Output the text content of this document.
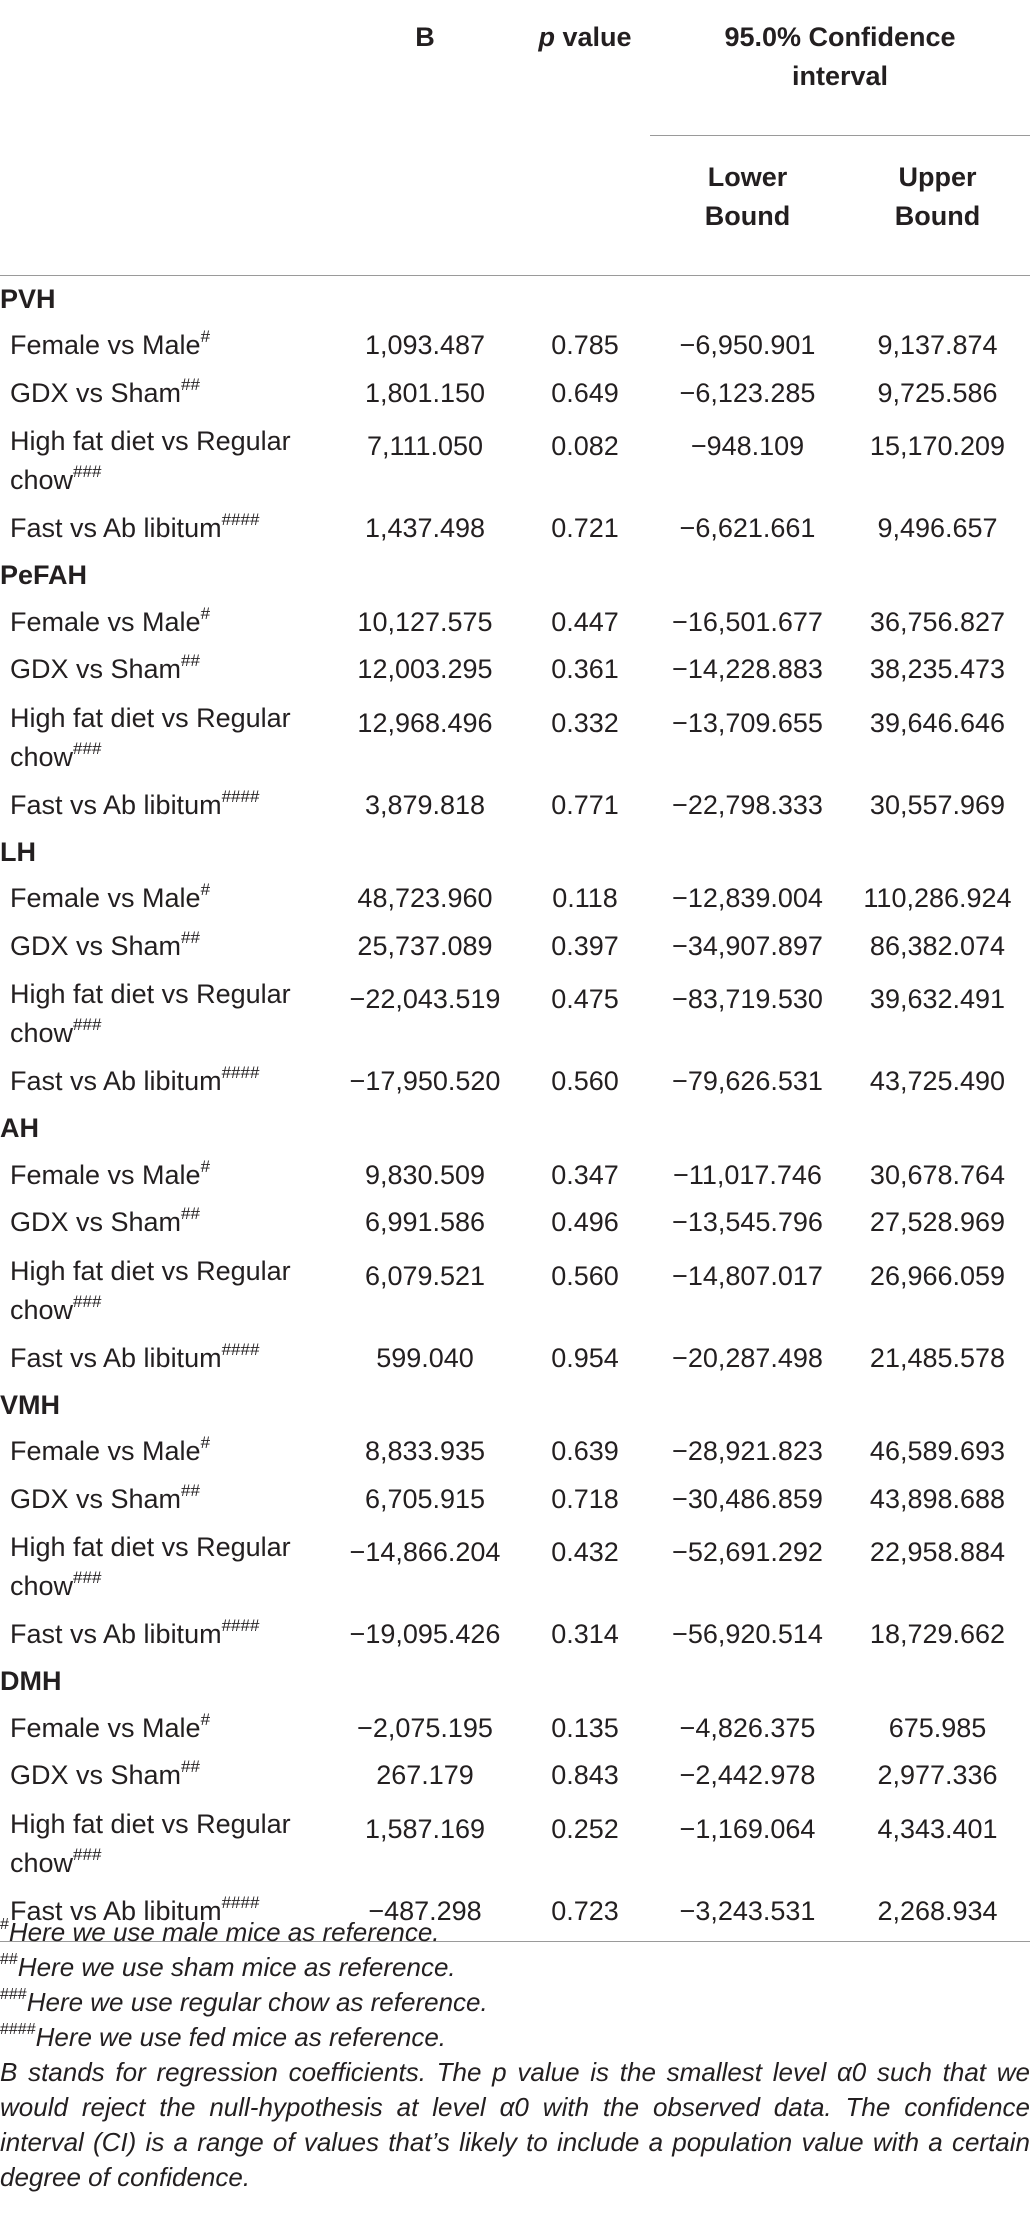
	B	p value	95.0% Confidence interval	
			Lower Bound	Upper Bound
PVH				
Female vs Male#	1,093.487	0.785	−6,950.901	9,137.874
GDX vs Sham##	1,801.150	0.649	−6,123.285	9,725.586
High fat diet vs Regular chow###	7,111.050	0.082	−948.109	15,170.209
Fast vs Ab libitum####	1,437.498	0.721	−6,621.661	9,496.657
PeFAH				
Female vs Male#	10,127.575	0.447	−16,501.677	36,756.827
GDX vs Sham##	12,003.295	0.361	−14,228.883	38,235.473
High fat diet vs Regular chow###	12,968.496	0.332	−13,709.655	39,646.646
Fast vs Ab libitum####	3,879.818	0.771	−22,798.333	30,557.969
LH				
Female vs Male#	48,723.960	0.118	−12,839.004	110,286.924
GDX vs Sham##	25,737.089	0.397	−34,907.897	86,382.074
High fat diet vs Regular chow###	−22,043.519	0.475	−83,719.530	39,632.491
Fast vs Ab libitum####	−17,950.520	0.560	−79,626.531	43,725.490
AH				
Female vs Male#	9,830.509	0.347	−11,017.746	30,678.764
GDX vs Sham##	6,991.586	0.496	−13,545.796	27,528.969
High fat diet vs Regular chow###	6,079.521	0.560	−14,807.017	26,966.059
Fast vs Ab libitum####	599.040	0.954	−20,287.498	21,485.578
VMH				
Female vs Male#	8,833.935	0.639	−28,921.823	46,589.693
GDX vs Sham##	6,705.915	0.718	−30,486.859	43,898.688
High fat diet vs Regular chow###	−14,866.204	0.432	−52,691.292	22,958.884
Fast vs Ab libitum####	−19,095.426	0.314	−56,920.514	18,729.662
DMH				
Female vs Male#	−2,075.195	0.135	−4,826.375	675.985
GDX vs Sham##	267.179	0.843	−2,442.978	2,977.336
High fat diet vs Regular chow###	1,587.169	0.252	−1,169.064	4,343.401
Fast vs Ab libitum####	−487.298	0.723	−3,243.531	2,268.934

#Here we use male mice as reference.

##Here we use sham mice as reference.

###Here we use regular chow as reference.

####Here we use fed mice as reference.

B stands for regression coefficients. The p value is the smallest level α0 such that we would reject the null-hypothesis at level α0 with the observed data. The confidence interval (CI) is a range of values that’s likely to include a population value with a certain degree of confidence.
